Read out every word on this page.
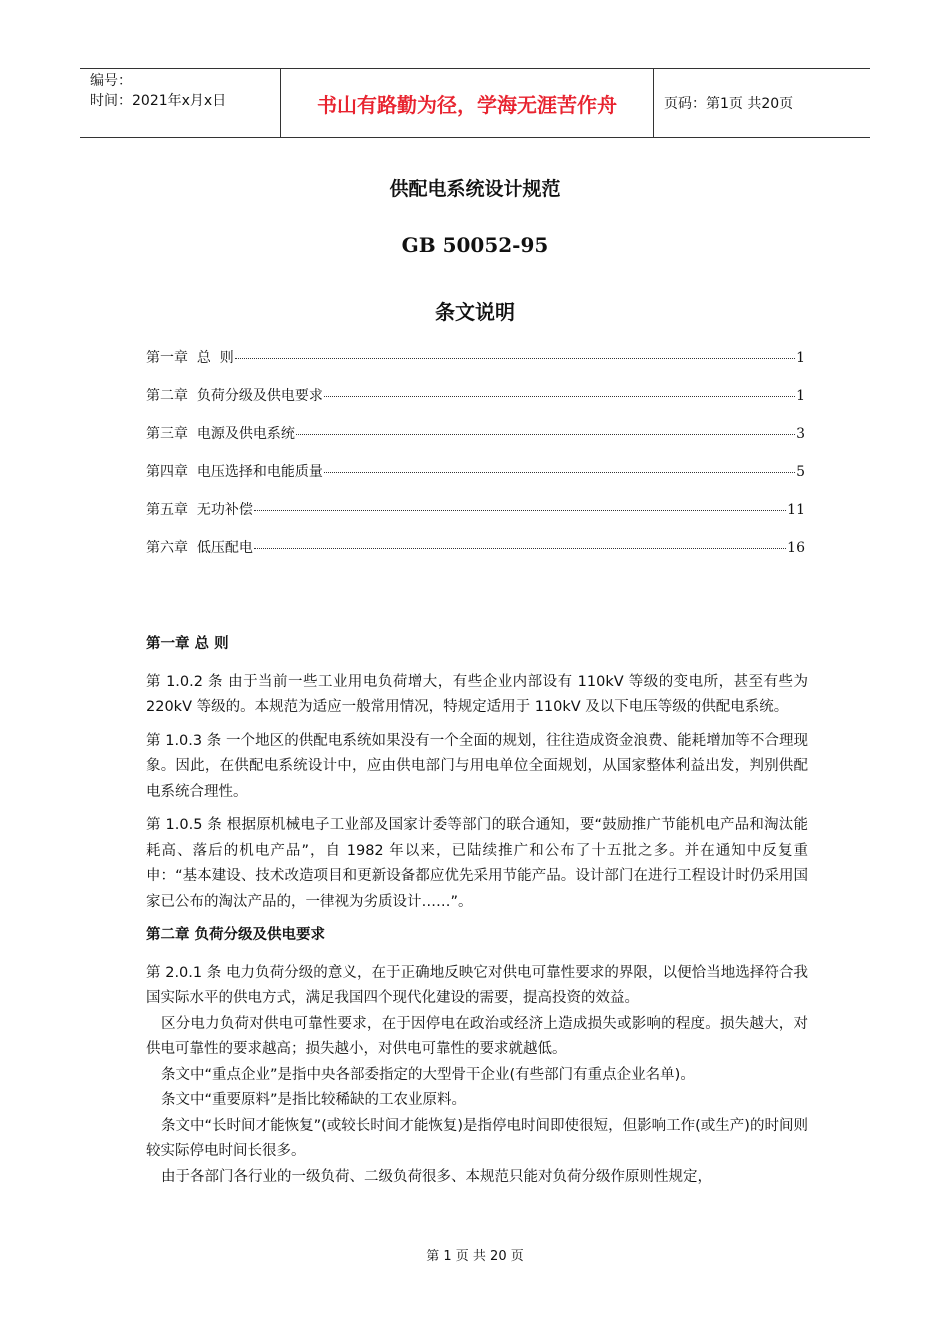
编号：
时间：2021年x月x日	书山有路勤为径，学海无涯苦作舟	页码：第1页 共20页
供配电系统设计规范
GB 50052-95
条文说明
第一章  总  则	1
第二章  负荷分级及供电要求	1
第三章  电源及供电系统	3
第四章  电压选择和电能质量	5
第五章  无功补偿	11
第六章  低压配电	16
第一章 总 则

第 1.0.2 条 由于当前一些工业用电负荷增大，有些企业内部设有 110kV 等级的变电所，甚至有些为 220kV 等级的。本规范为适应一般常用情况，特规定适用于 110kV 及以下电压等级的供配电系统。

第 1.0.3 条 一个地区的供配电系统如果没有一个全面的规划，往往造成资金浪费、能耗增加等不合理现象。因此，在供配电系统设计中，应由供电部门与用电单位全面规划，从国家整体利益出发，判别供配电系统合理性。

第 1.0.5 条 根据原机械电子工业部及国家计委等部门的联合通知，要“鼓励推广节能机电产品和淘汰能耗高、落后的机电产品”，自 1982 年以来，已陆续推广和公布了十五批之多。并在通知中反复重申：“基本建设、技术改造项目和更新设备都应优先采用节能产品。设计部门在进行工程设计时仍采用国家已公布的淘汰产品的，一律视为劣质设计……”。

第二章 负荷分级及供电要求

第 2.0.1 条 电力负荷分级的意义，在于正确地反映它对供电可靠性要求的界限，以便恰当地选择符合我国实际水平的供电方式，满足我国四个现代化建设的需要，提高投资的效益。

区分电力负荷对供电可靠性要求，在于因停电在政治或经济上造成损失或影响的程度。损失越大，对供电可靠性的要求越高；损失越小，对供电可靠性的要求就越低。

条文中“重点企业”是指中央各部委指定的大型骨干企业(有些部门有重点企业名单)。

条文中“重要原料”是指比较稀缺的工农业原料。

条文中“长时间才能恢复”(或较长时间才能恢复)是指停电时间即使很短，但影响工作(或生产)的时间则较实际停电时间长很多。

由于各部门各行业的一级负荷、二级负荷很多、本规范只能对负荷分级作原则性规定，

第 1 页 共 20 页
